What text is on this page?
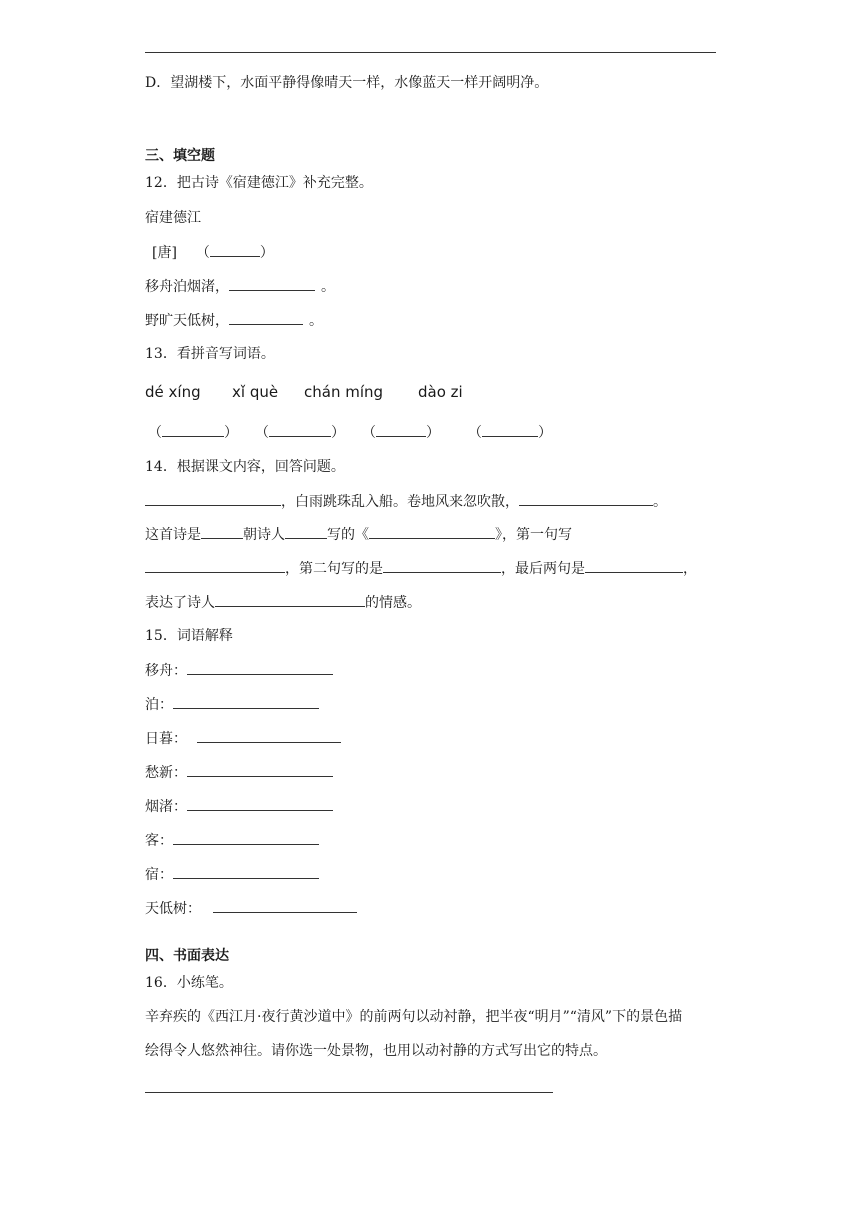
D．望湖楼下，水面平静得像晴天一样，水像蓝天一样开阔明净。
三、填空题
12．把古诗《宿建德江》补充完整。
宿建德江
[唐] （	）
移舟泊烟渚，	。
野旷天低树，	。
13．看拼音写词语。
dé xíng xǐ què chán míng dào zi
（	） （	） （	） （	）
14．根据课文内容，回答问题。
，白雨跳珠乱入船。卷地风来忽吹散，	。
这首诗是	朝诗人	写的《	》，第一句写
，第二句写的是	，最后两句是	，
表达了诗人	的情感。
15．词语解释
移舟：
泊：
日暮：
愁新：
烟渚：
客：
宿：
天低树：
四、书面表达
16．小练笔。
辛弃疾的《西江月·夜行黄沙道中》的前两句以动衬静，把半夜“明月”“清风”下的景色描
绘得令人悠然神往。请你选一处景物，也用以动衬静的方式写出它的特点。
